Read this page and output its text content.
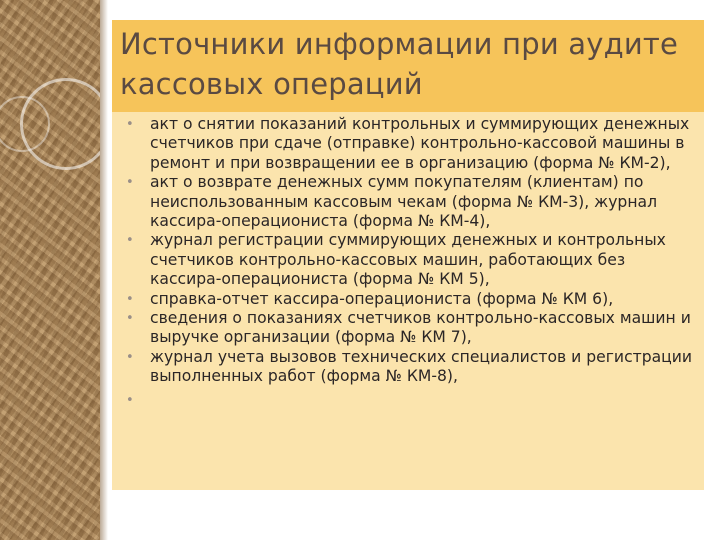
Источники информации при аудите кассовых операций
• акт о снятии показаний контрольных и суммирующих денежных счетчиков при сдаче (отправке) контрольно-кассовой машины в ремонт и при возвращении ее в организацию (форма № КМ-2),
• акт о возврате денежных сумм покупателям (клиентам) по неиспользованным кассовым чекам (форма № КМ-3), журнал кассира-операциониста (форма № КМ-4),
• журнал регистрации суммирующих денежных и контрольных счетчиков контрольно-кассовых машин, работающих без кассира-операциониста (форма № КМ 5),
• справка-отчет кассира-операциониста (форма № КМ 6),
• сведения о показаниях счетчиков контрольно-кассовых машин и выручке организации (форма № КМ 7),
• журнал учета вызовов технических специалистов и регистрации выполненных работ (форма № КМ-8),
•
